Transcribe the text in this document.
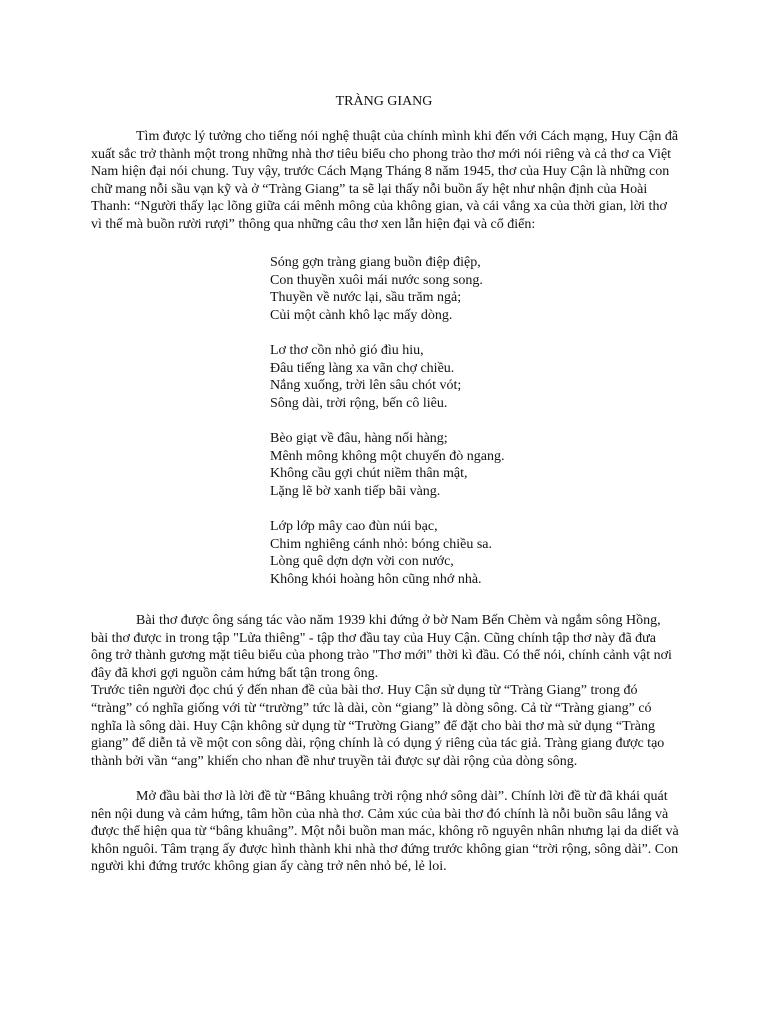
TRÀNG GIANG

Tìm được lý tưởng cho tiếng nói nghệ thuật của chính mình khi đến với Cách mạng, Huy Cận đã xuất sắc trở thành một trong những nhà thơ tiêu biểu cho phong trào thơ mới nói riêng và cả thơ ca Việt Nam hiện đại nói chung. Tuy vậy, trước Cách Mạng Tháng 8 năm 1945, thơ của Huy Cận là những con chữ mang nỗi sầu vạn kỹ và ở “Tràng Giang” ta sẽ lại thấy nỗi buồn ấy hệt như nhận định của Hoài Thanh: “Người thấy lạc lõng giữa cái mênh mông của không gian, và cái vắng xa của thời gian, lời thơ vì thế mà buồn rười rượi” thông qua những câu thơ xen lẫn hiện đại và cổ điển:

Sóng gợn tràng giang buồn điệp điệp,
Con thuyền xuôi mái nước song song.
Thuyền về nước lại, sầu trăm ngả;
Củi một cành khô lạc mấy dòng.
Lơ thơ cồn nhỏ gió đìu hiu,
Đâu tiếng làng xa vãn chợ chiều.
Nắng xuống, trời lên sâu chót vót;
Sông dài, trời rộng, bến cô liêu.
Bèo giạt về đâu, hàng nối hàng;
Mênh mông không một chuyến đò ngang.
Không cầu gợi chút niềm thân mật,
Lặng lẽ bờ xanh tiếp bãi vàng.
Lớp lớp mây cao đùn núi bạc,
Chim nghiêng cánh nhỏ: bóng chiều sa.
Lòng quê dợn dợn vời con nước,
Không khói hoàng hôn cũng nhớ nhà.

Bài thơ được ông sáng tác vào năm 1939 khi đứng ở bờ Nam Bến Chèm và ngắm sông Hồng, bài thơ được in trong tập "Lửa thiêng" - tập thơ đầu tay của Huy Cận. Cũng chính tập thơ này đã đưa ông trở thành gương mặt tiêu biểu của phong trào "Thơ mới" thời kì đầu. Có thể nói, chính cảnh vật nơi đây đã khơi gợi nguồn cảm hứng bất tận trong ông.

Trước tiên người đọc chú ý đến nhan đề của bài thơ. Huy Cận sử dụng từ “Tràng Giang” trong đó “tràng” có nghĩa giống với từ “trường” tức là dài, còn “giang” là dòng sông. Cả từ “Tràng giang” có nghĩa là sông dài. Huy Cận không sử dụng từ “Trường Giang” để đặt cho bài thơ mà sử dụng “Tràng giang” để diễn tả về một con sông dài, rộng chính là có dụng ý riêng của tác giả. Tràng giang được tạo thành bởi vần “ang” khiến cho nhan đề như truyền tải được sự dài rộng của dòng sông.

Mở đầu bài thơ là lời đề từ “Bâng khuâng trời rộng nhớ sông dài”. Chính lời đề từ đã khái quát nên nội dung và cảm hứng, tâm hồn của nhà thơ. Cảm xúc của bài thơ đó chính là nỗi buồn sâu lắng và được thể hiện qua từ “bâng khuâng”. Một nỗi buồn man mác, không rõ nguyên nhân nhưng lại da diết và khôn nguôi. Tâm trạng ấy được hình thành khi nhà thơ đứng trước không gian “trời rộng, sông dài”. Con người khi đứng trước không gian ấy càng trở nên nhỏ bé, lẻ loi.
